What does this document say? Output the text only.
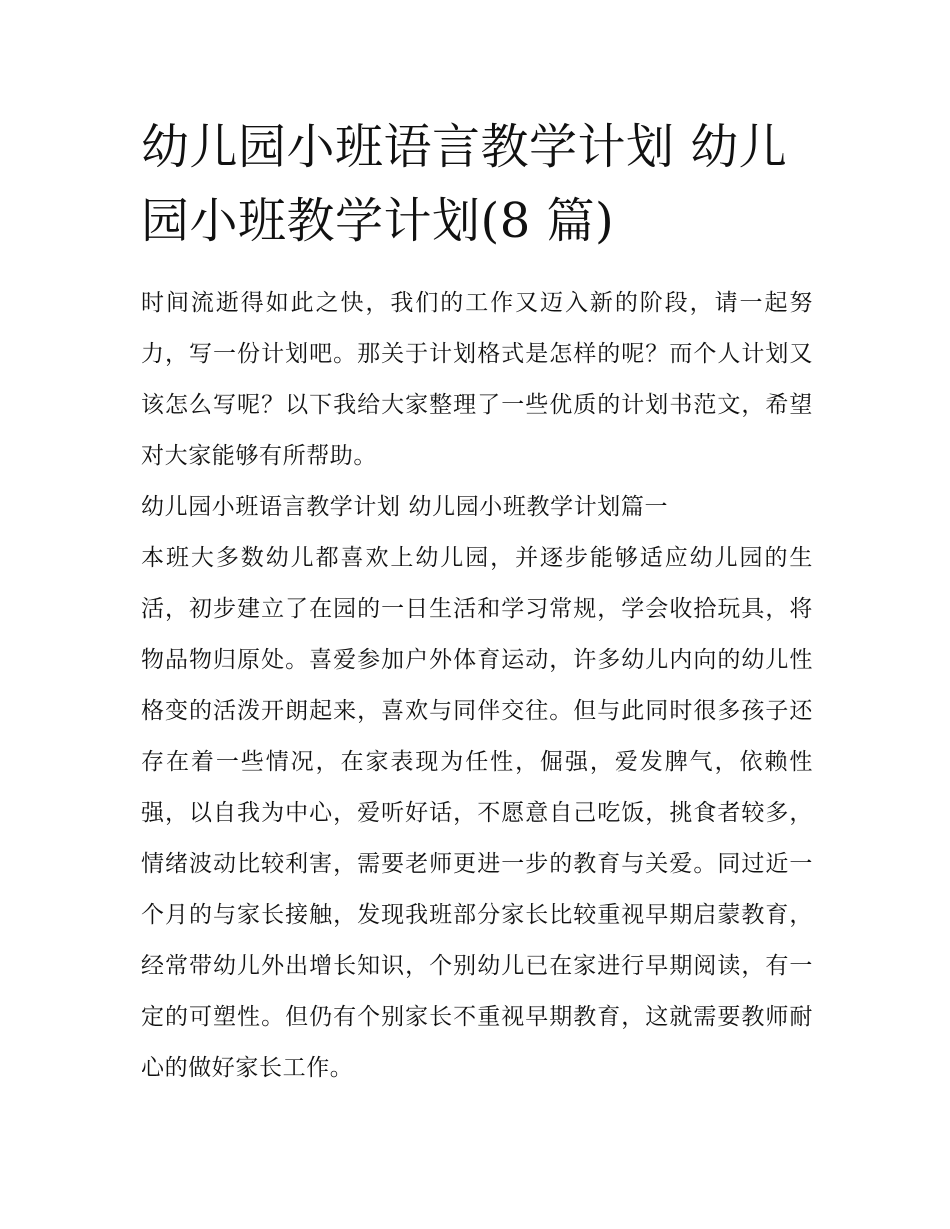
幼儿园小班语言教学计划 幼儿园小班教学计划(8 篇)

时间流逝得如此之快，我们的工作又迈入新的阶段，请一起努力，写一份计划吧。那关于计划格式是怎样的呢？而个人计划又该怎么写呢？以下我给大家整理了一些优质的计划书范文，希望对大家能够有所帮助。

幼儿园小班语言教学计划 幼儿园小班教学计划篇一

本班大多数幼儿都喜欢上幼儿园，并逐步能够适应幼儿园的生活，初步建立了在园的一日生活和学习常规，学会收拾玩具，将物品物归原处。喜爱参加户外体育运动，许多幼儿内向的幼儿性格变的活泼开朗起来，喜欢与同伴交往。但与此同时很多孩子还存在着一些情况，在家表现为任性，倔强，爱发脾气，依赖性强，以自我为中心，爱听好话，不愿意自己吃饭，挑食者较多，情绪波动比较利害，需要老师更进一步的教育与关爱。同过近一个月的与家长接触，发现我班部分家长比较重视早期启蒙教育，经常带幼儿外出增长知识，个别幼儿已在家进行早期阅读，有一定的可塑性。但仍有个别家长不重视早期教育，这就需要教师耐心的做好家长工作。
